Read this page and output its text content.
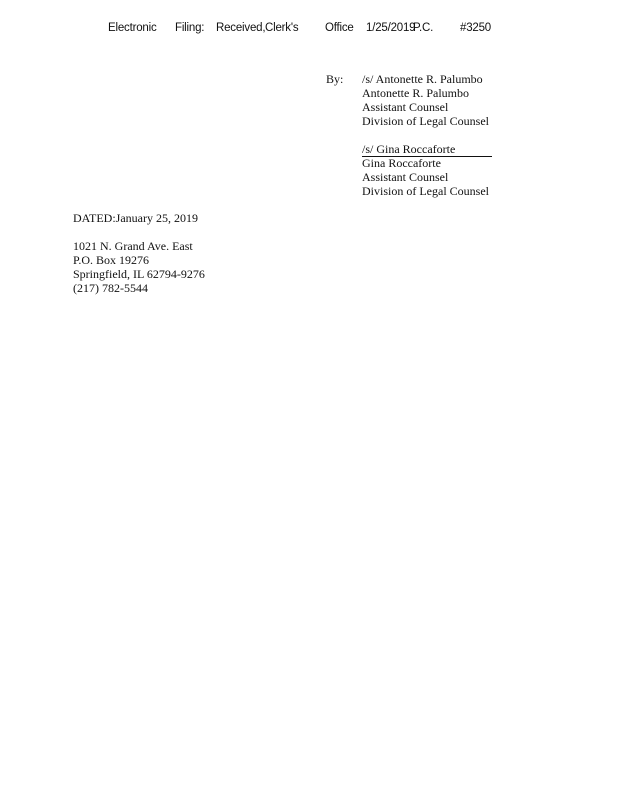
Electronic Filing: Received, Clerk's Office 1/25/2019
P.C. #3250
By: /s/ Antonette R. Palumbo
Antonette R. Palumbo
Assistant Counsel
Division of Legal Counsel
/s/ Gina Roccaforte
Gina Roccaforte
Assistant Counsel
Division of Legal Counsel
DATED:January 25, 2019
1021 N. Grand Ave. East
P.O. Box 19276
Springfield, IL 62794-9276
(217) 782-5544
